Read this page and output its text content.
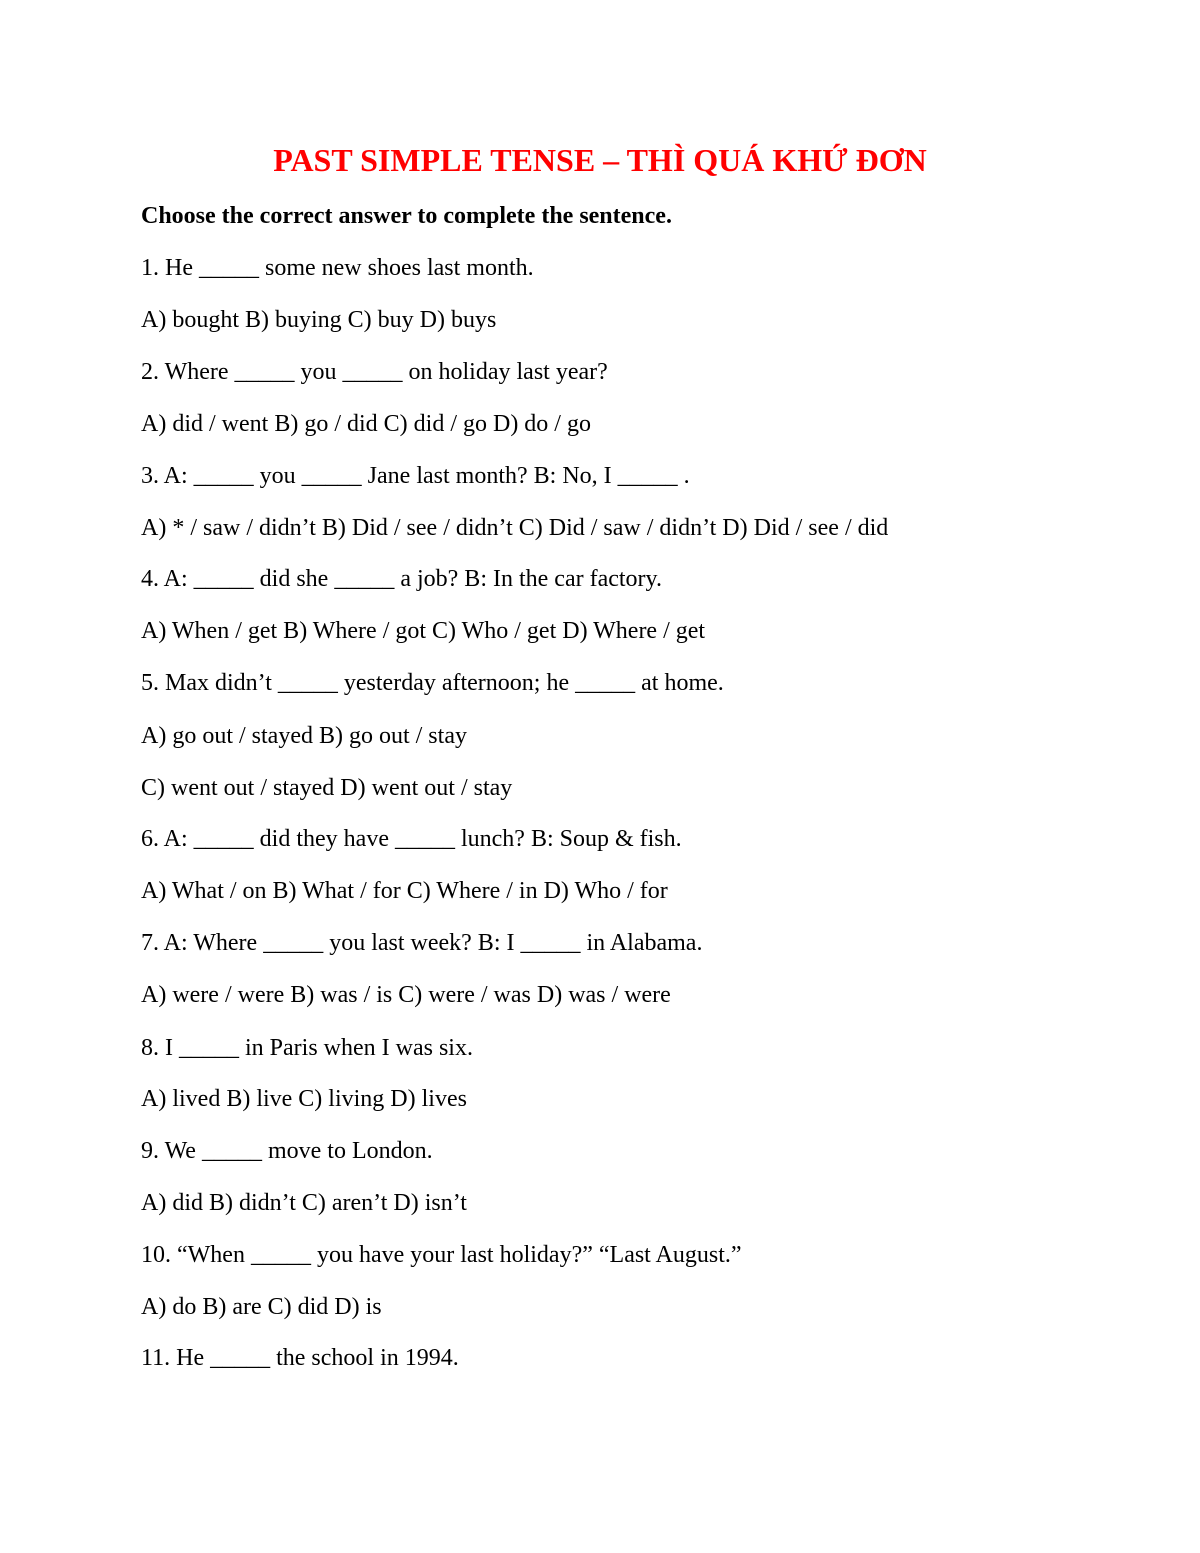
PAST SIMPLE TENSE – THÌ QUÁ KHỨ ĐƠN
Choose the correct answer to complete the sentence.
1. He _____ some new shoes last month.
A) bought B) buying C) buy D) buys
2. Where _____ you _____ on holiday last year?
A) did / went B) go / did C) did / go D) do / go
3. A: _____ you _____ Jane last month? B: No, I _____ .
A) * / saw / didn’t B) Did / see / didn’t C) Did / saw / didn’t D) Did / see / did
4. A: _____ did she _____ a job? B: In the car factory.
A) When / get B) Where / got C) Who / get D) Where / get
5. Max didn’t _____ yesterday afternoon; he _____ at home.
A) go out / stayed B) go out / stay
C) went out / stayed D) went out / stay
6. A: _____ did they have _____ lunch? B: Soup & fish.
A) What / on B) What / for C) Where / in D) Who / for
7. A: Where _____ you last week? B: I _____ in Alabama.
A) were / were B) was / is C) were / was D) was / were
8. I _____ in Paris when I was six.
A) lived B) live C) living D) lives
9. We _____ move to London.
A) did B) didn’t C) aren’t D) isn’t
10. “When _____ you have your last holiday?” “Last August.”
A) do B) are C) did D) is
11. He _____ the school in 1994.
